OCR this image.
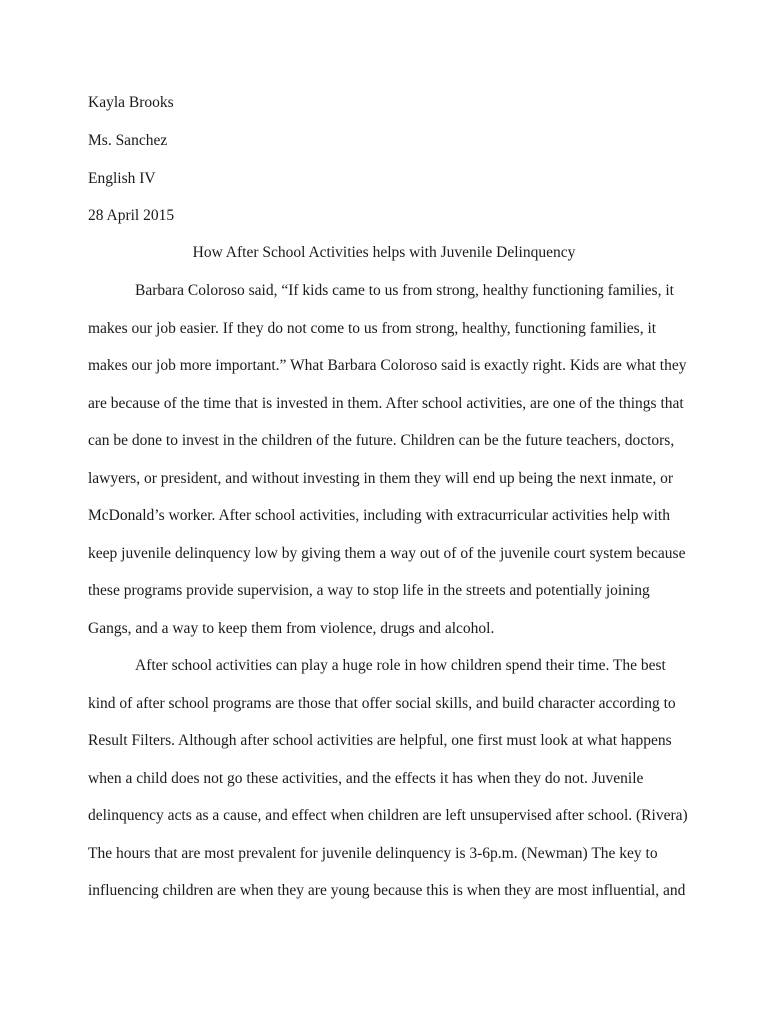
Kayla Brooks
Ms. Sanchez
English IV
28 April 2015
How After School Activities helps with Juvenile Delinquency
Barbara Coloroso said, “If kids came to us from strong, healthy functioning families, it
makes our job easier. If they do not come to us from strong, healthy, functioning families, it
makes our job more important.” What Barbara Coloroso said is exactly right. Kids are what they
are because of the time that is invested in them. After school activities, are one of the things that
can be done to invest in the children of the future. Children can be the future teachers, doctors,
lawyers, or president, and without investing in them they will end up being the next inmate, or
McDonald’s worker. After school activities, including with extracurricular activities help with
keep juvenile delinquency low by giving them a way out of of the juvenile court system because
these programs provide supervision, a way to stop life in the streets and potentially joining
Gangs, and a way to keep them from violence, drugs and alcohol.
After school activities can play a huge role in how children spend their time. The best
kind of after school programs are those that offer social skills, and build character according to
Result Filters. Although after school activities are helpful, one first must look at what happens
when a child does not go these activities, and the effects it has when they do not. Juvenile
delinquency acts as a cause, and effect when children are left unsupervised after school. (Rivera)
The hours that are most prevalent for juvenile delinquency is 3-6p.m. (Newman) The key to
influencing children are when they are young because this is when they are most influential, and
